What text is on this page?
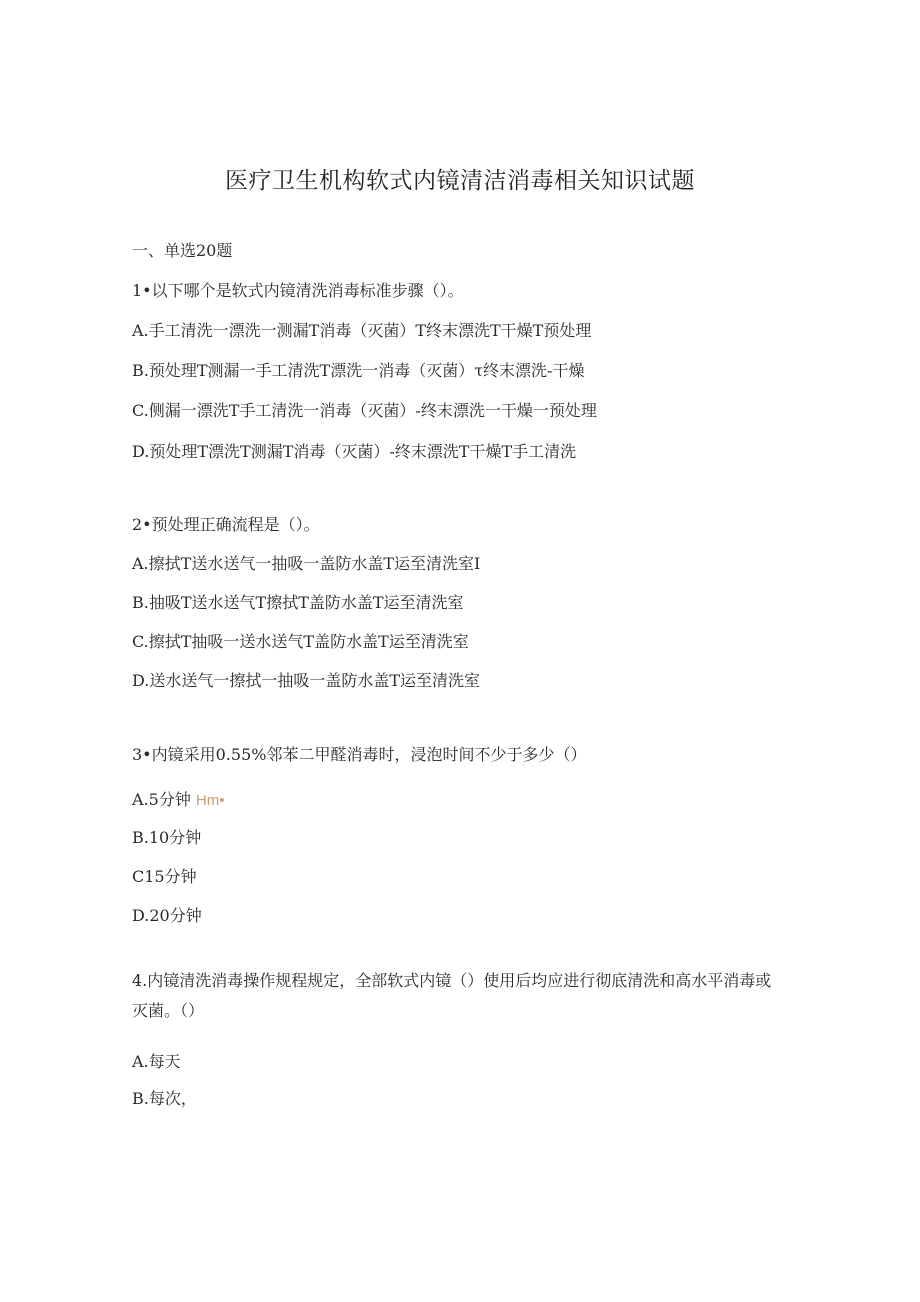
医疗卫生机构软式内镜清洁消毒相关知识试题
一、单选20题

1•以下哪个是软式内镜清洗消毒标准步骤（）。

A.手工清洗一漂洗一测漏T消毒（灭菌）T终末漂洗T干燥T预处理

B.预处理T测漏一手工清洗T漂洗一消毒（灭菌）τ终末漂洗-干燥

C.侧漏一漂洗T手工清洗一消毒（灭菌）-终末漂洗一干燥一预处理

D.预处理T漂洗T测漏T消毒（灭菌）-终末漂洗T干燥T手工清洗

2•预处理正确流程是（）。

A.擦拭T送水送气一抽吸一盖防水盖T运至清洗室I

B.抽吸T送水送气T擦拭T盖防水盖T运至清洗室

C.擦拭T抽吸一送水送气T盖防水盖T运至清洗室

D.送水送气一擦拭一抽吸一盖防水盖T运至清洗室

3•内镜采用0.55%邻苯二甲醛消毒时，浸泡时间不少于多少（）

A.5分钟 Hm•

B.10分钟

C15分钟

D.20分钟

4.内镜清洗消毒操作规程规定，全部软式内镜（）使用后均应进行彻底清洗和高水平消毒或灭菌。（）

A.每天

B.每次，
